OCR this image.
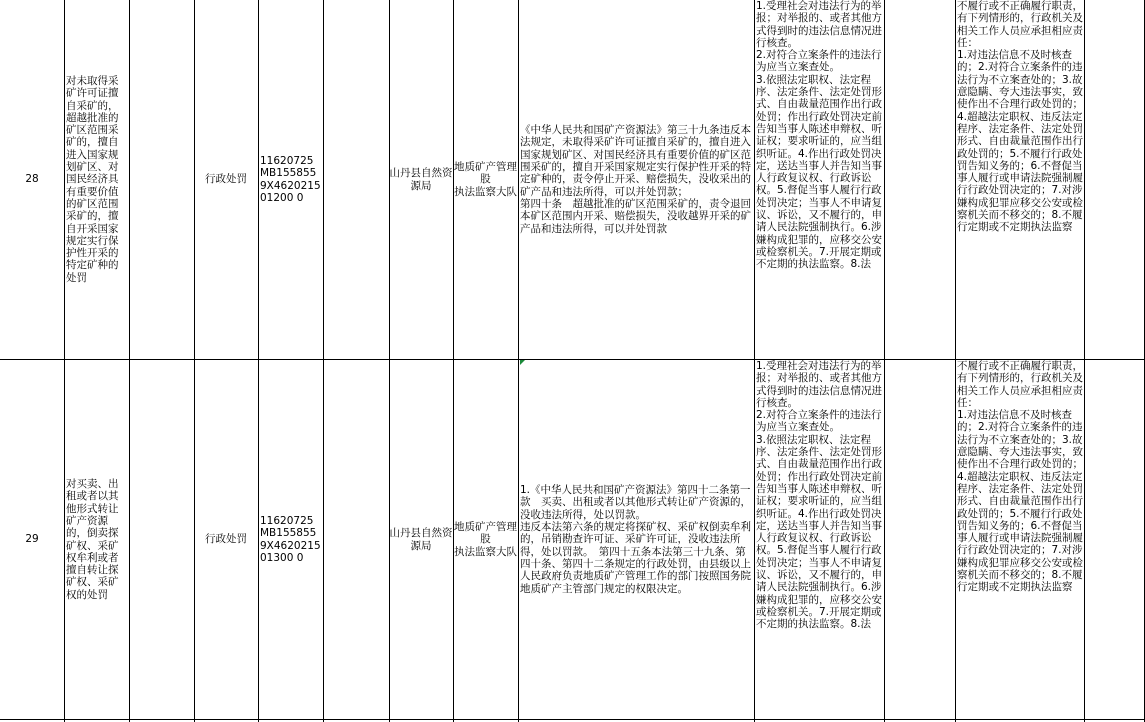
28
对未取得采矿许可证擅自采矿的，超越批准的矿区范围采矿的，擅自进入国家规划矿区、对国民经济具有重要价值的矿区范围采矿的，擅自开采国家规定实行保护性开采的特定矿种的处罚
行政处罚
11620725MB1558559X462021501200 0
山丹县自然资源局
地质矿产管理股
执法监察大队
《中华人民共和国矿产资源法》第三十九条违反本法规定，未取得采矿许可证擅自采矿的，擅自进入国家规划矿区、对国民经济具有重要价值的矿区范围采矿的，擅自开采国家规定实行保护性开采的特定矿种的，责令停止开采、赔偿损失，没收采出的矿产品和违法所得，可以并处罚款；
第四十条　超越批准的矿区范围采矿的，责令退回本矿区范围内开采、赔偿损失，没收越界开采的矿产品和违法所得，可以并处罚款
1.受理社会对违法行为的举报；对举报的、或者其他方式得到时的违法信息情况进行核查。
2.对符合立案条件的违法行为应当立案查处。
3.依照法定职权、法定程序、法定条件、法定处罚形式、自由裁量范围作出行政处罚；作出行政处罚决定前告知当事人陈述申辩权、听证权；要求听证的，应当组织听证。4.作出行政处罚决定，送达当事人并告知当事人行政复议权、行政诉讼权。5.督促当事人履行行政处罚决定；当事人不申请复议、诉讼，又不履行的，申请人民法院强制执行。6.涉嫌构成犯罪的，应移交公安或检察机关。7.开展定期或不定期的执法监察。8.法
不履行或不正确履行职责，有下列情形的，行政机关及相关工作人员应承担相应责任：
1.对违法信息不及时核查的；2.对符合立案条件的违法行为不立案查处的；3.故意隐瞒、夸大违法事实，致使作出不合理行政处罚的；4.超越法定职权、违反法定程序、法定条件、法定处罚形式、自由裁量范围作出行政处罚的；5.不履行行政处罚告知义务的；6.不督促当事人履行或申请法院强制履行行政处罚决定的；7.对涉嫌构成犯罪应移交公安或检察机关而不移交的；8.不履行定期或不定期执法监察
29
对买卖、出租或者以其他形式转让矿产资源的，倒卖探矿权、采矿权牟利或者擅自转让探矿权、采矿权的处罚
行政处罚
11620725MB1558559X462021501300 0
山丹县自然资源局
地质矿产管理股
执法监察大队
1.《中华人民共和国矿产资源法》第四十二条第一款　买卖、出租或者以其他形式转让矿产资源的，没收违法所得，处以罚款。
违反本法第六条的规定将探矿权、采矿权倒卖牟利的，吊销勘查许可证、采矿许可证，没收违法所得，处以罚款。　第四十五条本法第三十九条、第四十条、第四十二条规定的行政处罚，由县级以上人民政府负责地质矿产管理工作的部门按照国务院地质矿产主管部门规定的权限决定。
1.受理社会对违法行为的举报；对举报的、或者其他方式得到时的违法信息情况进行核查。
2.对符合立案条件的违法行为应当立案查处。
3.依照法定职权、法定程序、法定条件、法定处罚形式、自由裁量范围作出行政处罚；作出行政处罚决定前告知当事人陈述申辩权、听证权；要求听证的，应当组织听证。4.作出行政处罚决定，送达当事人并告知当事人行政复议权、行政诉讼权。5.督促当事人履行行政处罚决定；当事人不申请复议、诉讼，又不履行的，申请人民法院强制执行。6.涉嫌构成犯罪的，应移交公安或检察机关。7.开展定期或不定期的执法监察。8.法
不履行或不正确履行职责，有下列情形的，行政机关及相关工作人员应承担相应责任：
1.对违法信息不及时核查的；2.对符合立案条件的违法行为不立案查处的；3.故意隐瞒、夸大违法事实，致使作出不合理行政处罚的；4.超越法定职权、违反法定程序、法定条件、法定处罚形式、自由裁量范围作出行政处罚的；5.不履行行政处罚告知义务的；6.不督促当事人履行或申请法院强制履行行政处罚决定的；7.对涉嫌构成犯罪应移交公安或检察机关而不移交的；8.不履行定期或不定期执法监察
